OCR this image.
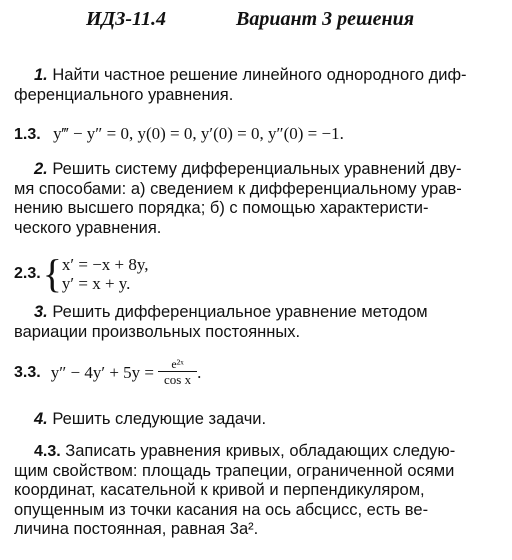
ИДЗ-11.4	Вариант 3 решения
1. Найти частное решение линейного однородного диф-
ференциального уравнения.
1.3. y‴ − y″ = 0, y(0) = 0, y′(0) = 0, y″(0) = −1.
2. Решить систему дифференциальных уравнений дву-
мя способами: а) сведением к дифференциальному урав-
нению высшего порядка; б) с помощью характеристи-
ческого уравнения.
2.3. { x′ = −x + 8y,
y′ = x + y.
3. Решить дифференциальное уравнение методом
вариации произвольных постоянных.
3.3. $y'' - 4y' + 5y = \frac{\text{e²ˣ}}{\text{cos x}}$ .
4. Решить следующие задачи.
4.3. Записать уравнения кривых, обладающих следую-
щим свойством: площадь трапеции, ограниченной осями
координат, касательной к кривой и перпендикуляром,
опущенным из точки касания на ось абсцисс, есть ве-
личина постоянная, равная 3a².
